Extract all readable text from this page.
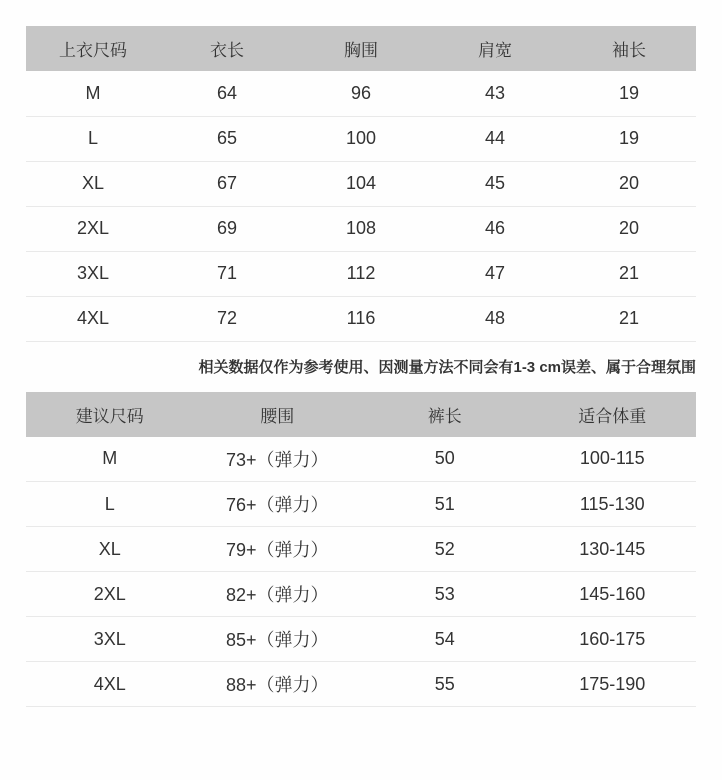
上衣尺码	衣长	胸围	肩宽	袖长
M	64	96	43	19
L	65	100	44	19
XL	67	104	45	20
2XL	69	108	46	20
3XL	71	112	47	21
4XL	72	116	48	21
相关数据仅作为参考使用、因测量方法不同会有1-3 cm误差、属于合理氛围
建议尺码	腰围	裤长	适合体重
M	73+（弹力）	50	100-115
L	76+（弹力）	51	115-130
XL	79+（弹力）	52	130-145
2XL	82+（弹力）	53	145-160
3XL	85+（弹力）	54	160-175
4XL	88+（弹力）	55	175-190
